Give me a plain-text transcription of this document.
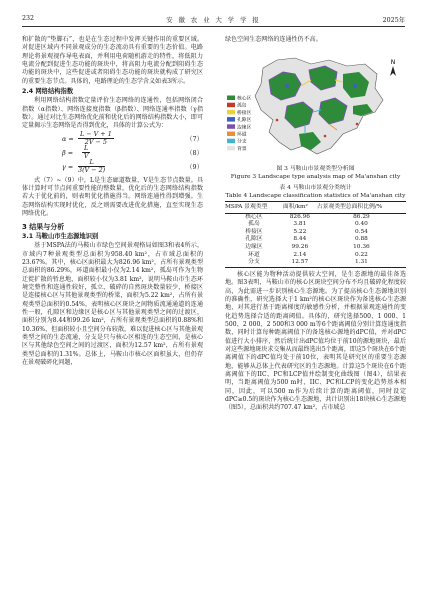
232	安 徽 农 业 大 学 学 报	2025年

和扩散的“垫脚石”，也是在生态过程中发挥关键作用的重要区域。对促进区域内不同景观成分的生态流动具有重要的生态价值。电路理论将景观视作导电表面，并利用电荷随机游走的特性，将低阻力电流分配到促进生态功能的斑块中，将高阻力电流分配到阻碍生态功能的斑块中，这些促进或者阻碍生态功能的斑块就构成了研究区的重要生态节点。具体的，电路理论的生态学含义如表3所示。

2.4 网络结构指数

利用网络结构指数定量评价生态网络的连通性，包括网络闭合指数（α指数）、网络连接度指数（β指数）、网络连通率指数（γ指数）。通过对比生态网络优化前和优化后的网络结构指数大小，即可定量揭示生态网络是否得到优化，具体的计算公式为：

$\alpha = \frac{L - V + 1}{2V - 5}$	（7）
$\beta = \frac{L}{V}$	（8）
$\gamma = \frac{L}{3(V - 2)}$	（9）

式（7）~（9）中，L是生态廊道数量，V是生态节点数量。具体计算时可节点间重要性能的整数量，优化后的生态网络结构指数若大于优化前的，则表明优化措施得当。网络连通性得到增强。生态网络结构实现时优化，反之则需要改进优化措施，直至实现生态网络优化。

3 结果与分析
3.1 马鞍山市生态源地识别

基于MSPA法的马鞍山市绿色空间景观格局如图3和表4所示，市域内7种景观类型总面积为958.40 km²，占市域总面积的23.67%。其中，核心区面积最大为826.96 km²，占所有景观类型总面积的86.29%，环道面积最小仅为2.14 km²，孤岛可作为生物迁徙扩散的暂息地，面积较小仅为3.81 km²，说明马鞍山市生态环境完整性和连通性较好，孤立、破碎的自然斑块数量较少，桥接区是连接核心区与其他景观类型的桥梁，面积为5.22 km²，占所有景观类型总面积的0.54%，表明核心区斑块之间物质流通通道的连通性一般，孔隙区和边缘区是核心区与其他景观类型之间的过渡区，面积分别为8.44和99.26 km²，占所有景观类型总面积的0.88%和10.36%，但面积较小且空间分布较散，难以促进核心区与其他景观类型之间的生态流通，分支是只与核心区相连的生态空间，是核心区与其他绿色空间之间的过渡区，面积为12.57 km²，占所有景观类型总面积的1.31%。总体上，马鞍山市核心区面积虽大，但仍存在景观破碎化问题，

绿色空间生态网络的连通性仍不高。

N
核心区
孤岛
桥接区
孔隙区
边缘区
环道
分支
背景
图 3 马鞍山市景观类型分析图
Figure 3 Landscape type analysis map of Ma'anshan city
表 4 马鞍山市景观分类统计
Table 4 Landscape classification statistics of Ma'anshan city
MSPA 景观类型	面积/km²	占景观类型总面积比例/%
核心区	826.96	86.29
孤岛	3.81	0.40
桥接区	5.22	0.54
孔隙区	8.44	0.88
边缘区	99.26	10.36
环道	2.14	0.22
分支	12.57	1.31

核心区能为物种活动提供较大空间，是生态源地的最佳备选地。图3表明，马鞍山市的核心区斑块空间分布不均且破碎化程度较高，为此需进一步识别核心生态源地。为了提高核心生态源地识别的准确性，研究选择大于1 km²的核心区斑块作为备选核心生态源地，对其进行基于距离梯度的敏感性分析，并根据景观连通性的变化趋势选择合适的距离阈值。具体的，研究选择500、1 000、1 500、2 000、2 500和3 000 m等6个距离阈值分别计算连通度指数，同时计算每种距离阈值下的备选核心源地的dPC值，并对dPC值进行大小排序，然后统计出dPC值均位于前10的源地斑块，最后对这些源地斑块求交集从而最终选出5个距离，即这5个斑块在6个距离阈值下的dPC值均处于前10位，表明其是研究区的重要生态源地，能够从总体上代表研究区的生态源地。计算这5个斑块在6个距离阈值下的IIC、PC和LCP值并绘制变化曲线图（图4），结果表明，当距离阈值为500 m时，IIC、PC和LCP的变化趋势基本相同，因此，可以500 m作为后续计算的距离阈值，同时设定dPC≥0.5的斑块作为核心生态源地，共计识别出18块核心生态源地（图5），总面积共约707.47 km²，占市域总
